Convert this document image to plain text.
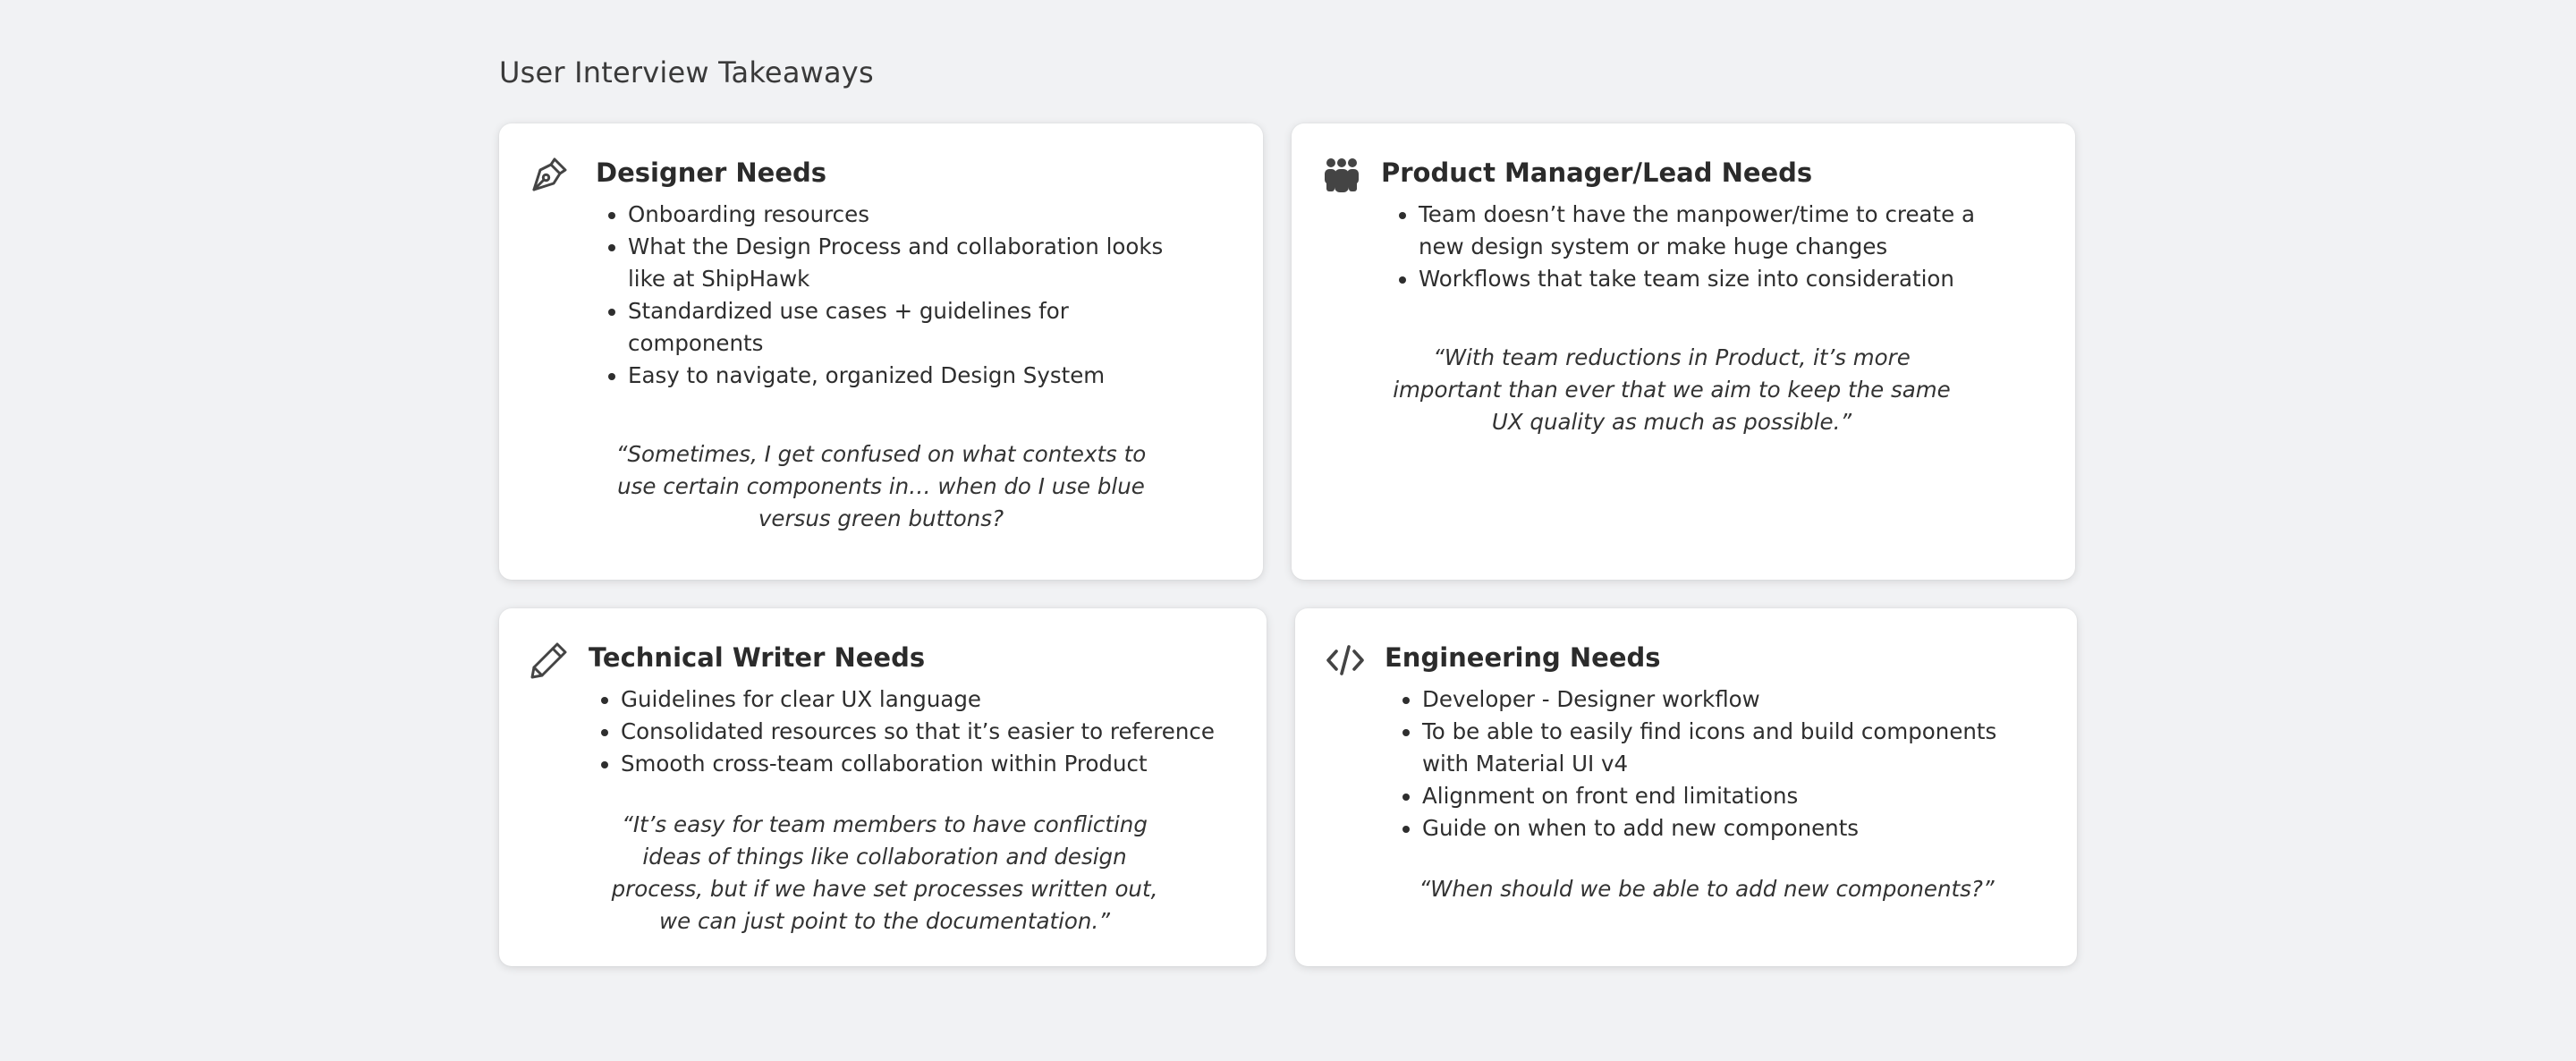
User Interview Takeaways
Designer Needs
• Onboarding resources
• What the Design Process and collaboration looks like at ShipHawk
• Standardized use cases + guidelines for components
• Easy to navigate, organized Design System

“Sometimes, I get confused on what contexts to use certain components in… when do I use blue versus green buttons?

Product Manager/Lead Needs
• Team doesn’t have the manpower/time to create a new design system or make huge changes
• Workflows that take team size into consideration

“With team reductions in Product, it’s more important than ever that we aim to keep the same UX quality as much as possible.”

Technical Writer Needs
• Guidelines for clear UX language
• Consolidated resources so that it’s easier to reference
• Smooth cross-team collaboration within Product

“It’s easy for team members to have conflicting ideas of things like collaboration and design process, but if we have set processes written out, we can just point to the documentation.”

Engineering Needs
• Developer - Designer workflow
• To be able to easily find icons and build components with Material UI v4
• Alignment on front end limitations
• Guide on when to add new components

“When should we be able to add new components?”
